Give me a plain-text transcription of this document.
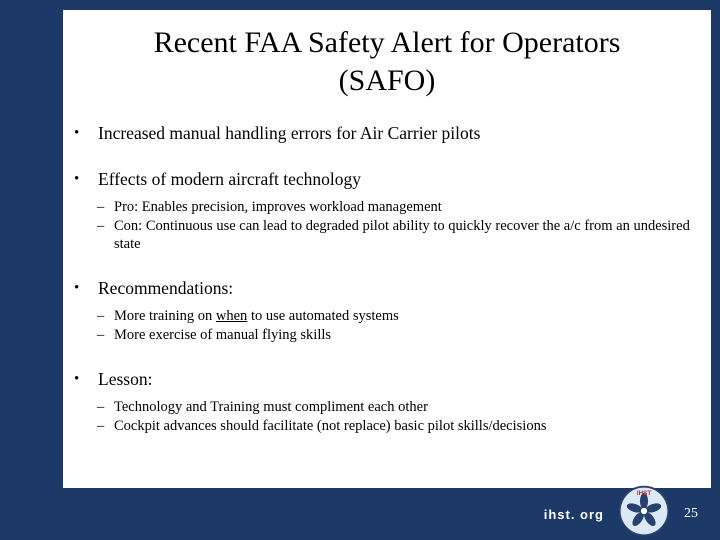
Recent FAA Safety Alert for Operators
(SAFO)
•	Increased manual handling errors for Air Carrier pilots
•	Effects of modern aircraft technology
– Pro: Enables precision, improves workload management
– Con: Continuous use can lead to degraded pilot ability to quickly recover the a/c from an undesired state
•	Recommendations:
– More training on when to use automated systems
– More exercise of manual flying skills
•	Lesson:
– Technology and Training must compliment each other
– Cockpit advances should facilitate (not replace) basic pilot skills/decisions
ihst. org
IHST
25
